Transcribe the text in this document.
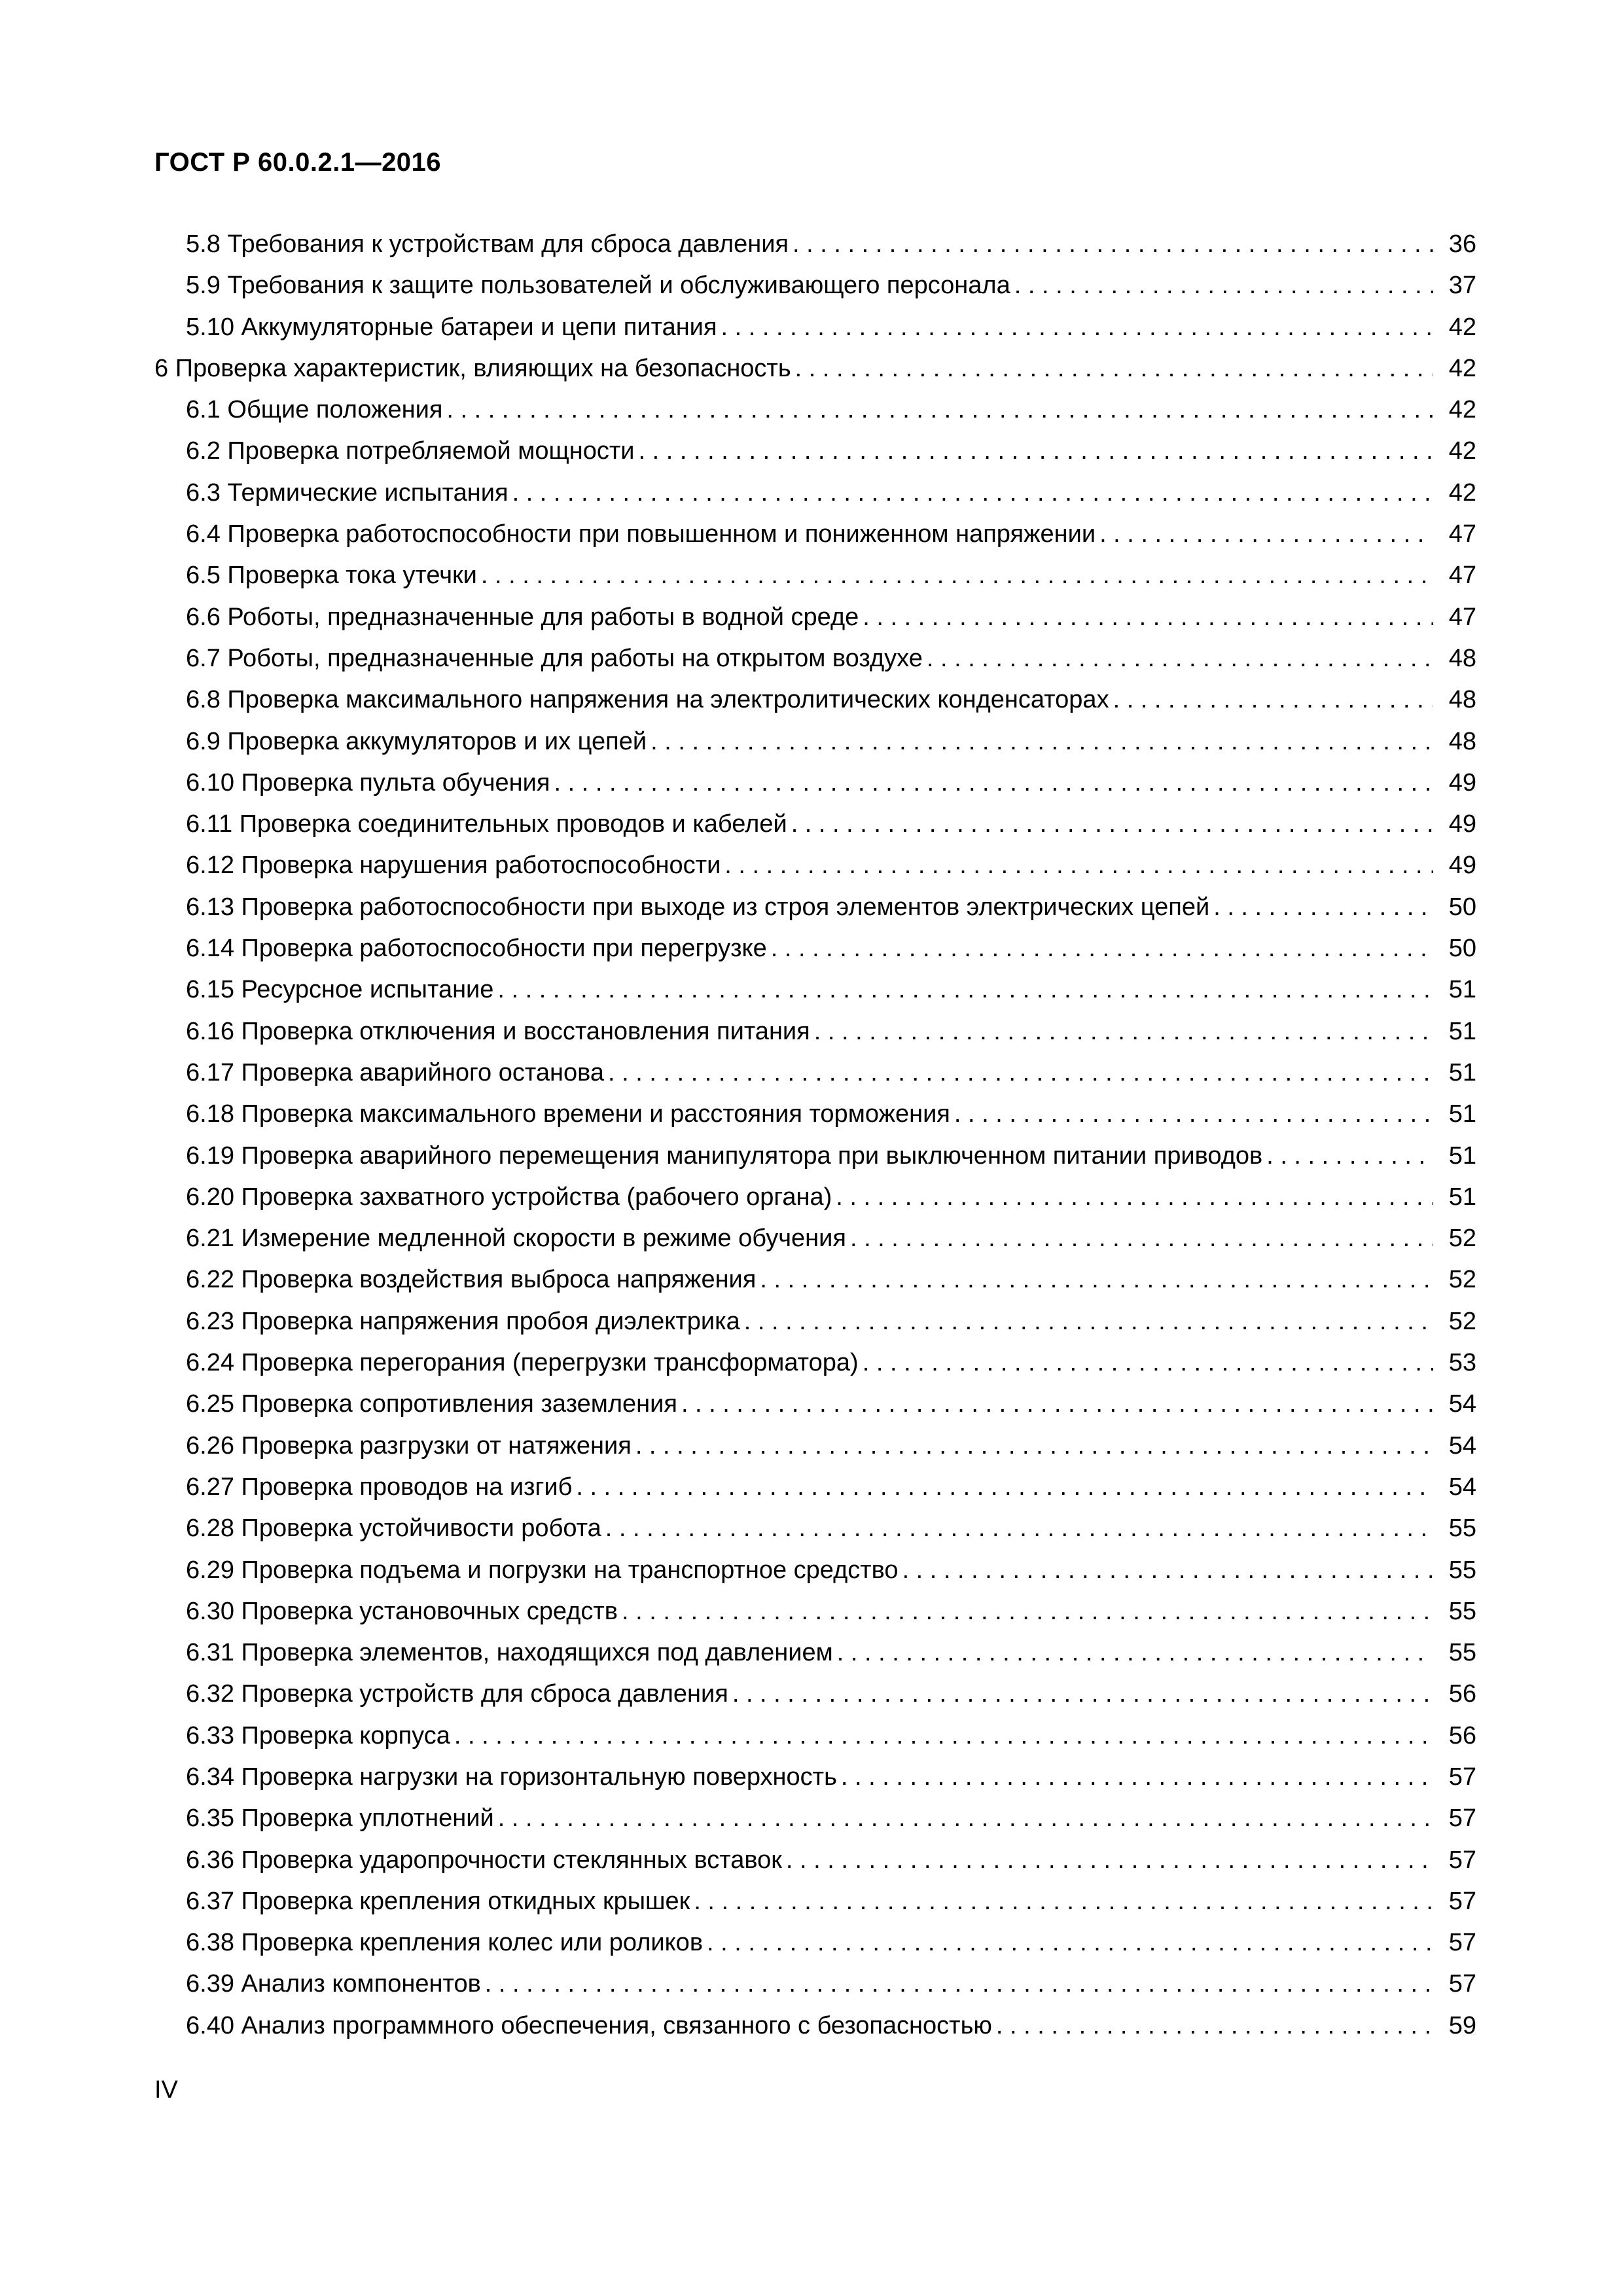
ГОСТ Р 60.0.2.1—2016
5.8 Требования к устройствам для сброса давления . . .	36
5.9 Требования к защите пользователей и обслуживающего персонала . . .	37
5.10 Аккумуляторные батареи и цепи питания . . .	42
6 Проверка характеристик, влияющих на безопасность . . .	42
6.1 Общие положения . . .	42
6.2 Проверка потребляемой мощности . . .	42
6.3 Термические испытания . . .	42
6.4 Проверка работоспособности при повышенном и пониженном напряжении . . .	47
6.5 Проверка тока утечки . . .	47
6.6 Роботы, предназначенные для работы в водной среде . . .	47
6.7 Роботы, предназначенные для работы на открытом воздухе . . .	48
6.8 Проверка максимального напряжения на электролитических конденсаторах . . .	48
6.9 Проверка аккумуляторов и их цепей . . .	48
6.10 Проверка пульта обучения . . .	49
6.11 Проверка соединительных проводов и кабелей . . .	49
6.12 Проверка нарушения работоспособности . . .	49
6.13 Проверка работоспособности при выходе из строя элементов электрических цепей . . .	50
6.14 Проверка работоспособности при перегрузке . . .	50
6.15 Ресурсное испытание . . .	51
6.16 Проверка отключения и восстановления питания . . .	51
6.17 Проверка аварийного останова . . .	51
6.18 Проверка максимального времени и расстояния торможения . . .	51
6.19 Проверка аварийного перемещения манипулятора при выключенном питании приводов . . .	51
6.20 Проверка захватного устройства (рабочего органа) . . .	51
6.21 Измерение медленной скорости в режиме обучения . . .	52
6.22 Проверка воздействия выброса напряжения . . .	52
6.23 Проверка напряжения пробоя диэлектрика . . .	52
6.24 Проверка перегорания (перегрузки трансформатора) . . .	53
6.25 Проверка сопротивления заземления . . .	54
6.26 Проверка разгрузки от натяжения . . .	54
6.27 Проверка проводов на изгиб . . .	54
6.28 Проверка устойчивости робота . . .	55
6.29 Проверка подъема и погрузки на транспортное средство . . .	55
6.30 Проверка установочных средств . . .	55
6.31 Проверка элементов, находящихся под давлением . . .	55
6.32 Проверка устройств для сброса давления . . .	56
6.33 Проверка корпуса . . .	56
6.34 Проверка нагрузки на горизонтальную поверхность . . .	57
6.35 Проверка уплотнений . . .	57
6.36 Проверка ударопрочности стеклянных вставок . . .	57
6.37 Проверка крепления откидных крышек . . .	57
6.38 Проверка крепления колес или роликов . . .	57
6.39 Анализ компонентов . . .	57
6.40 Анализ программного обеспечения, связанного с безопасностью . . .	59
IV
